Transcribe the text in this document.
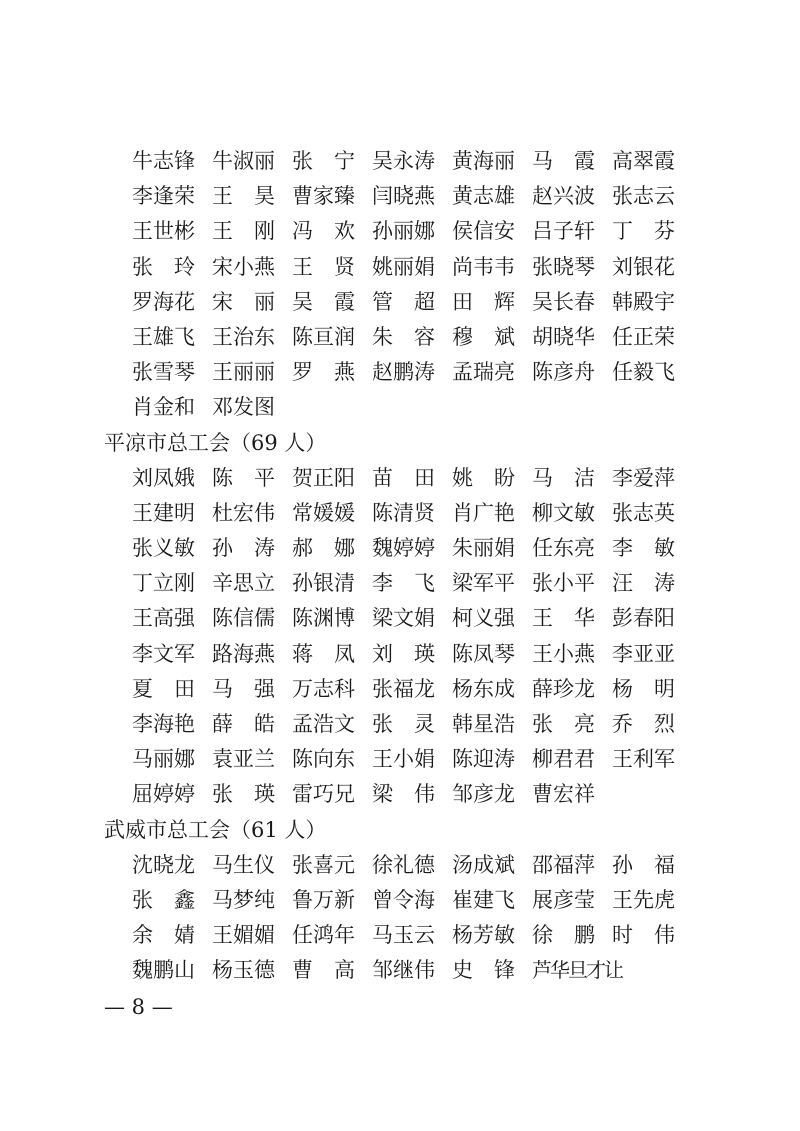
牛志锋 牛淑丽 张宁
吴永涛 黄海丽 马霞
高翠霞
李逢荣 王昊
曹家臻 闫晓燕 黄志雄 赵兴波 张志云
王世彬 王刚
冯欢
孙丽娜 侯信安 吕子轩 丁芬
张玲
宋小燕 王贤
姚丽娟 尚韦韦 张晓琴 刘银花
罗海花 宋丽
吴霞
管超
田辉
吴长春 韩殿宇
王雄飞 王治东 陈亘润 朱容
穆斌
胡晓华 任正荣
张雪琴 王丽丽 罗燕
赵鹏涛 孟瑞亮 陈彦舟 任毅飞
肖金和 邓发图
平凉市总工会（69 人）
刘凤娥 陈平
贺正阳 苗田
姚盼
马洁
李爱萍
王建明 杜宏伟 常媛媛 陈清贤 肖广艳 柳文敏 张志英
张义敏 孙涛
郝娜
魏婷婷 朱丽娟 任东亮 李敏
丁立刚 辛思立 孙银清 李飞
梁军平 张小平 汪涛
王高强 陈信儒 陈渊博 梁文娟 柯义强 王华
彭春阳
李文军 路海燕 蒋凤
刘瑛
陈凤琴 王小燕 李亚亚
夏田
马强
万志科 张福龙 杨东成 薛珍龙 杨明
李海艳 薛皓
孟浩文 张灵
韩星浩 张亮
乔烈
马丽娜 袁亚兰 陈向东 王小娟 陈迎涛 柳君君 王利军
屈婷婷 张瑛
雷巧兄 梁伟
邹彦龙 曹宏祥
武威市总工会（61 人）
沈晓龙 马生仪 张喜元 徐礼德 汤成斌 邵福萍 孙福
张鑫
马梦纯 鲁万新 曾令海 崔建飞 展彦莹 王先虎
余婧
王媚媚 任鸿年 马玉云 杨芳敏 徐鹏
时伟
魏鹏山 杨玉德 曹高
邹继伟 史锋
芦华旦才让
— 8 —
